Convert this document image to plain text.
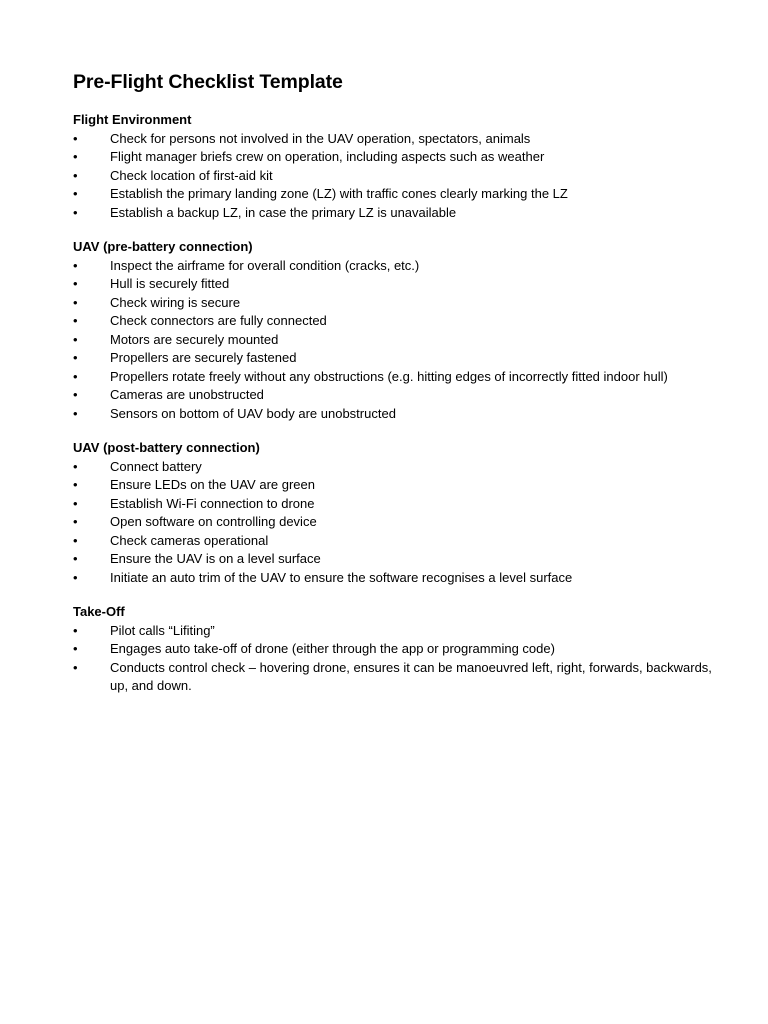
Pre-Flight Checklist Template
Flight Environment
•	Check for persons not involved in the UAV operation, spectators, animals
•	Flight manager briefs crew on operation, including aspects such as weather
•	Check location of first-aid kit
•	Establish the primary landing zone (LZ) with traffic cones clearly marking the LZ
•	Establish a backup LZ, in case the primary LZ is unavailable
UAV (pre-battery connection)
•	Inspect the airframe for overall condition (cracks, etc.)
•	Hull is securely fitted
•	Check wiring is secure
•	Check connectors are fully connected
•	Motors are securely mounted
•	Propellers are securely fastened
•	Propellers rotate freely without any obstructions (e.g. hitting edges of incorrectly fitted indoor hull)
•	Cameras are unobstructed
•	Sensors on bottom of UAV body are unobstructed
UAV (post-battery connection)
•	Connect battery
•	Ensure LEDs on the UAV are green
•	Establish Wi-Fi connection to drone
•	Open software on controlling device
•	Check cameras operational
•	Ensure the UAV is on a level surface
•	Initiate an auto trim of the UAV to ensure the software recognises a level surface
Take-Off
•	Pilot calls “Lifiting”
•	Engages auto take-off of drone (either through the app or programming code)
•	Conducts control check – hovering drone, ensures it can be manoeuvred left, right, forwards, backwards, up, and down.
